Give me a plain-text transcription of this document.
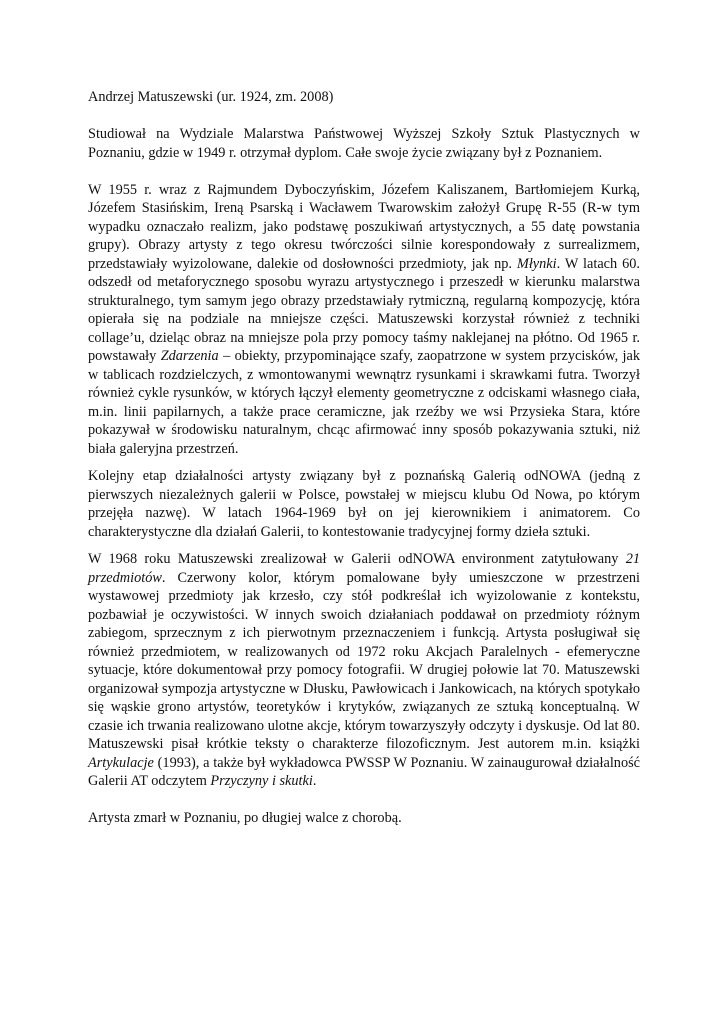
Andrzej Matuszewski (ur. 1924, zm. 2008)

Studiował na Wydziale Malarstwa Państwowej Wyższej Szkoły Sztuk Plastycznych w Poznaniu, gdzie w 1949 r. otrzymał dyplom. Całe swoje życie związany był z Poznaniem.

W 1955 r. wraz z Rajmundem Dyboczyńskim, Józefem Kaliszanem, Bartłomiejem Kurką, Józefem Stasińskim, Ireną Psarską i Wacławem Twarowskim założył Grupę R-55 (R-w tym wypadku oznaczało realizm, jako podstawę poszukiwań artystycznych, a 55 datę powstania grupy). Obrazy artysty z tego okresu twórczości silnie korespondowały z surrealizmem, przedstawiały wyizolowane, dalekie od dosłowności przedmioty, jak np. Młynki. W latach 60. odszedł od metaforycznego sposobu wyrazu artystycznego i przeszedł w kierunku malarstwa strukturalnego, tym samym jego obrazy przedstawiały rytmiczną, regularną kompozycję, która opierała się na podziale na mniejsze części. Matuszewski korzystał również z techniki collage’u, dzieląc obraz na mniejsze pola przy pomocy taśmy naklejanej na płótno. Od 1965 r. powstawały Zdarzenia – obiekty, przypominające szafy, zaopatrzone w system przycisków, jak w tablicach rozdzielczych, z wmontowanymi wewnątrz rysunkami i skrawkami futra. Tworzył również cykle rysunków, w których łączył elementy geometryczne z odciskami własnego ciała, m.in. linii papilarnych, a także prace ceramiczne, jak rzeźby we wsi Przysieka Stara, które pokazywał w środowisku naturalnym, chcąc afirmować inny sposób pokazywania sztuki, niż biała galeryjna przestrzeń.

Kolejny etap działalności artysty związany był z poznańską Galerią odNOWA (jedną z pierwszych niezależnych galerii w Polsce, powstałej w miejscu klubu Od Nowa, po którym przejęła nazwę). W latach 1964-1969 był on jej kierownikiem i animatorem. Co charakterystyczne dla działań Galerii, to kontestowanie tradycyjnej formy dzieła sztuki.

W 1968 roku Matuszewski zrealizował w Galerii odNOWA environment zatytułowany 21 przedmiotów. Czerwony kolor, którym pomalowane były umieszczone w przestrzeni wystawowej przedmioty jak krzesło, czy stół podkreślał ich wyizolowanie z kontekstu, pozbawiał je oczywistości. W innych swoich działaniach poddawał on przedmioty różnym zabiegom, sprzecznym z ich pierwotnym przeznaczeniem i funkcją. Artysta posługiwał się również przedmiotem, w realizowanych od 1972 roku Akcjach Paralelnych - efemeryczne sytuacje, które dokumentował przy pomocy fotografii. W drugiej połowie lat 70. Matuszewski organizował sympozja artystyczne w Dłusku, Pawłowicach i Jankowicach, na których spotykało się wąskie grono artystów, teoretyków i krytyków, związanych ze sztuką konceptualną. W czasie ich trwania realizowano ulotne akcje, którym towarzyszyły odczyty i dyskusje. Od lat 80. Matuszewski pisał krótkie teksty o charakterze filozoficznym. Jest autorem m.in. książki Artykulacje (1993), a także był wykładowca PWSSP W Poznaniu. W zainaugurował działalność Galerii AT odczytem Przyczyny i skutki.

Artysta zmarł w Poznaniu, po długiej walce z chorobą.
